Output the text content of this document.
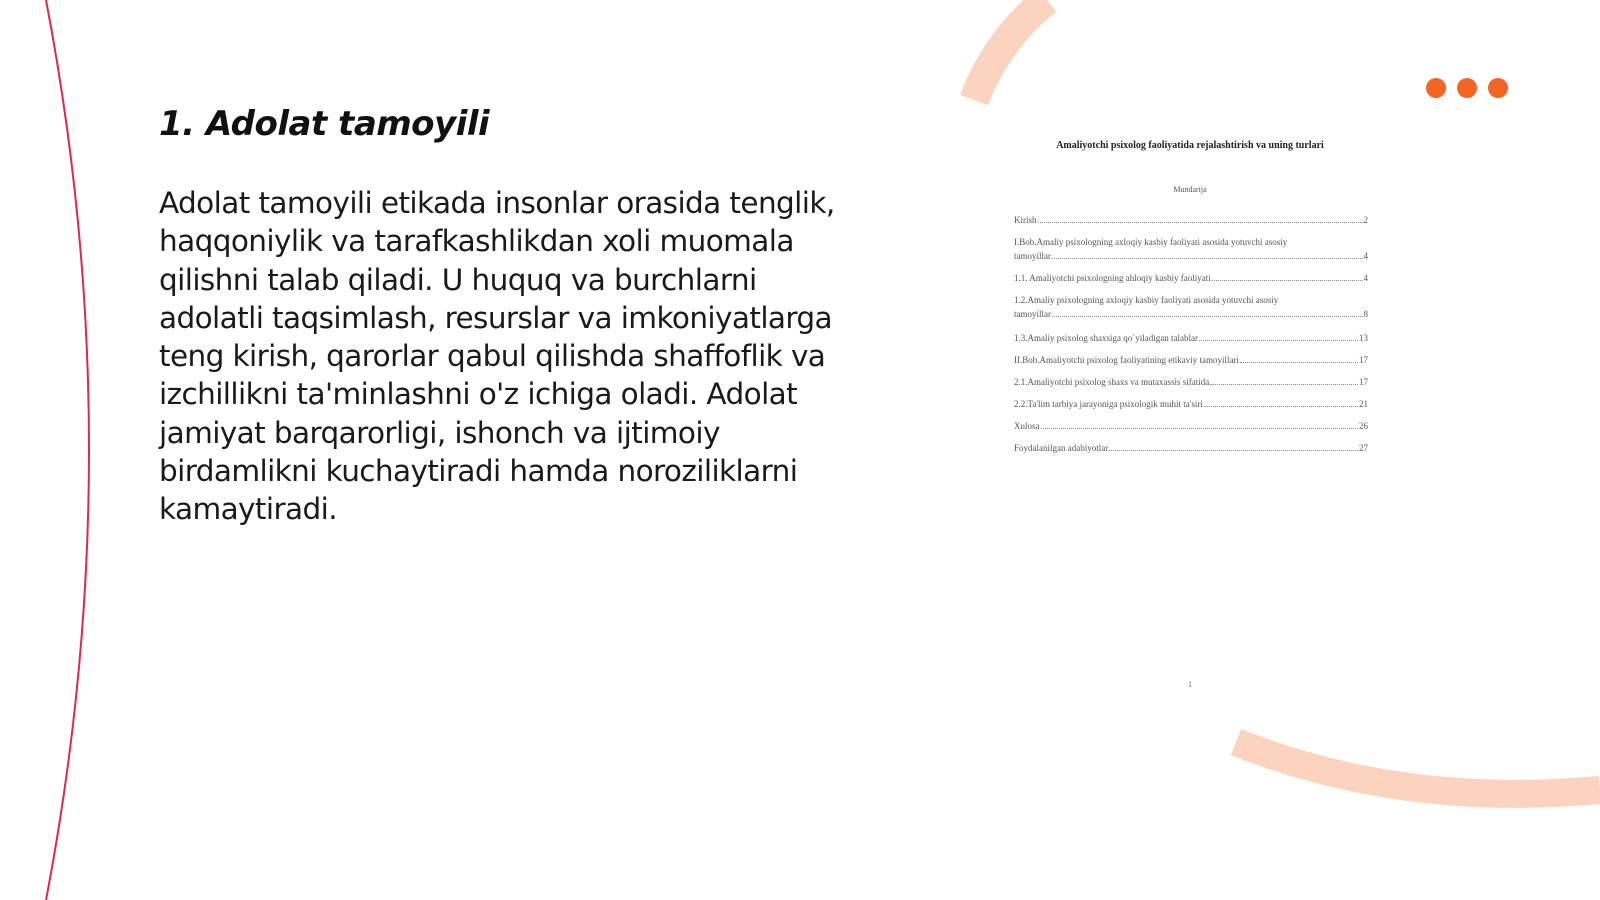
1. Adolat tamoyili

Adolat tamoyili etikada insonlar orasida tenglik, haqqoniylik va tarafkashlikdan xoli muomala qilishni talab qiladi. U huquq va burchlarni adolatli taqsimlash, resurslar va imkoniyatlarga teng kirish, qarorlar qabul qilishda shaffoflik va izchillikni ta'minlashni o'z ichiga oladi. Adolat jamiyat barqarorligi, ishonch va ijtimoiy birdamlikni kuchaytiradi hamda noroziliklarni kamaytiradi.

Amaliyotchi psixolog faoliyatida rejalashtirish va uning turlari
Mundarija
Kirish	2
I.Bob.Amaliy psixologning axloqiy kasbiy faoliyati asosida yotuvchi asosiy
tamoyillar	4
1.1. Amaliyotchi psixologning ahloqiy kasbiy faoliyati	4
1.2.Amaliy psixologning axloqiy kasbiy faoliyati asosida yotuvchi asosiy
tamoyillar	8
1.3.Amaliy psixolog shaxsiga qo`yiladigan talablar	13
II.Bob.Amaliyotchi psixolog faoliyatining etikaviy tamoyillari	17
2.1.Amaliyotchi psixolog shaxs va mutaxassis sifatida	17
2.2.Ta'lim tarbiya jarayoniga psixologik muhit ta'siri	21
Xulosa	26
Foydalanilgan adabiyotlar	27
1
